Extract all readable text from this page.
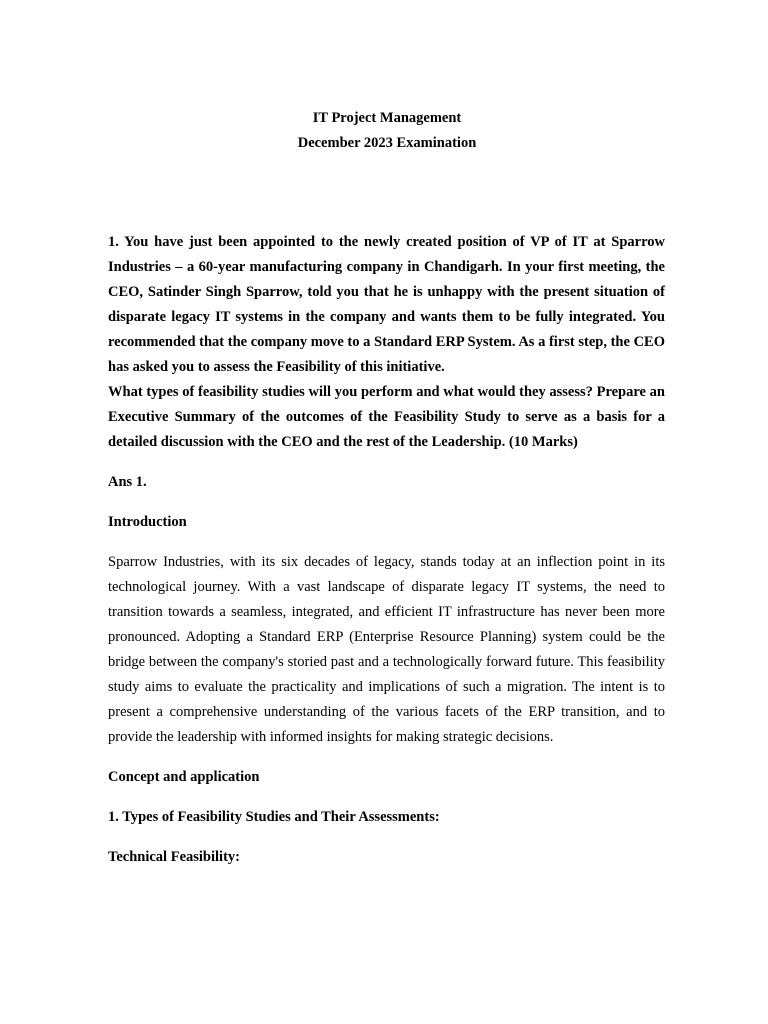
IT Project Management
December 2023 Examination

1. You have just been appointed to the newly created position of VP of IT at Sparrow Industries – a 60-year manufacturing company in Chandigarh. In your first meeting, the CEO, Satinder Singh Sparrow, told you that he is unhappy with the present situation of disparate legacy IT systems in the company and wants them to be fully integrated. You recommended that the company move to a Standard ERP System. As a first step, the CEO has asked you to assess the Feasibility of this initiative.

What types of feasibility studies will you perform and what would they assess? Prepare an Executive Summary of the outcomes of the Feasibility Study to serve as a basis for a detailed discussion with the CEO and the rest of the Leadership. (10 Marks)

Ans 1.
Introduction
Sparrow Industries, with its six decades of legacy, stands today at an inflection point in its technological journey. With a vast landscape of disparate legacy IT systems, the need to transition towards a seamless, integrated, and efficient IT infrastructure has never been more pronounced. Adopting a Standard ERP (Enterprise Resource Planning) system could be the bridge between the company's storied past and a technologically forward future. This feasibility study aims to evaluate the practicality and implications of such a migration. The intent is to present a comprehensive understanding of the various facets of the ERP transition, and to provide the leadership with informed insights for making strategic decisions.
Concept and application
1. Types of Feasibility Studies and Their Assessments:
Technical Feasibility:
